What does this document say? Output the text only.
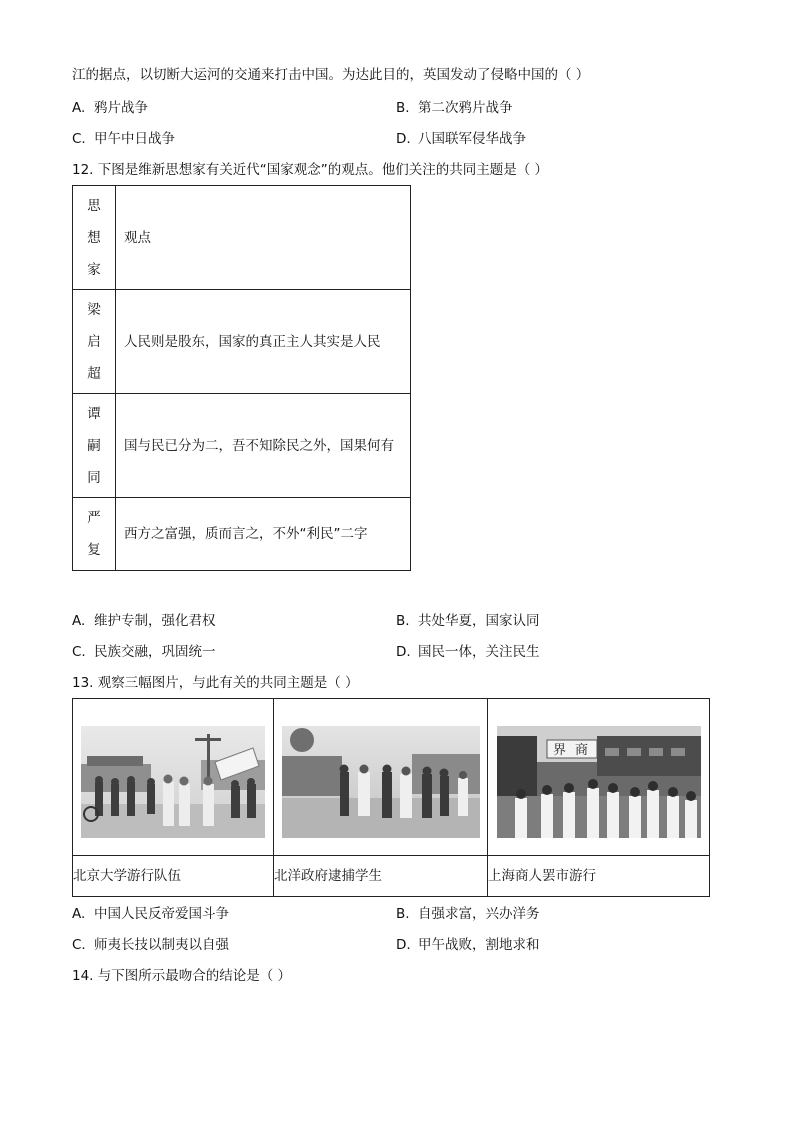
江的据点，以切断大运河的交通来打击中国。为达此目的，英国发动了侵略中国的（ ）
A. 鸦片战争	B. 第二次鸦片战争
C. 甲午中日战争	D. 八国联军侵华战争
12. 下图是维新思想家有关近代“国家观念”的观点。他们关注的共同主题是（ ）
思
想
家	观点

梁
启
超	人民则是股东，国家的真正主人其实是人民

谭
嗣
同	国与民已分为二，吾不知除民之外，国果何有

严
复	西方之富强，质而言之，不外“利民”二字
A. 维护专制，强化君权	B. 共处华夏，国家认同
C. 民族交融，巩固统一	D. 国民一体，关注民生
13. 观察三幅图片，与此有关的共同主题是（ ）

界 商

北京大学游行队伍	北洋政府逮捕学生	上海商人罢市游行
A. 中国人民反帝爱国斗争	B. 自强求富，兴办洋务
C. 师夷长技以制夷以自强	D. 甲午战败，割地求和
14. 与下图所示最吻合的结论是（ ）
